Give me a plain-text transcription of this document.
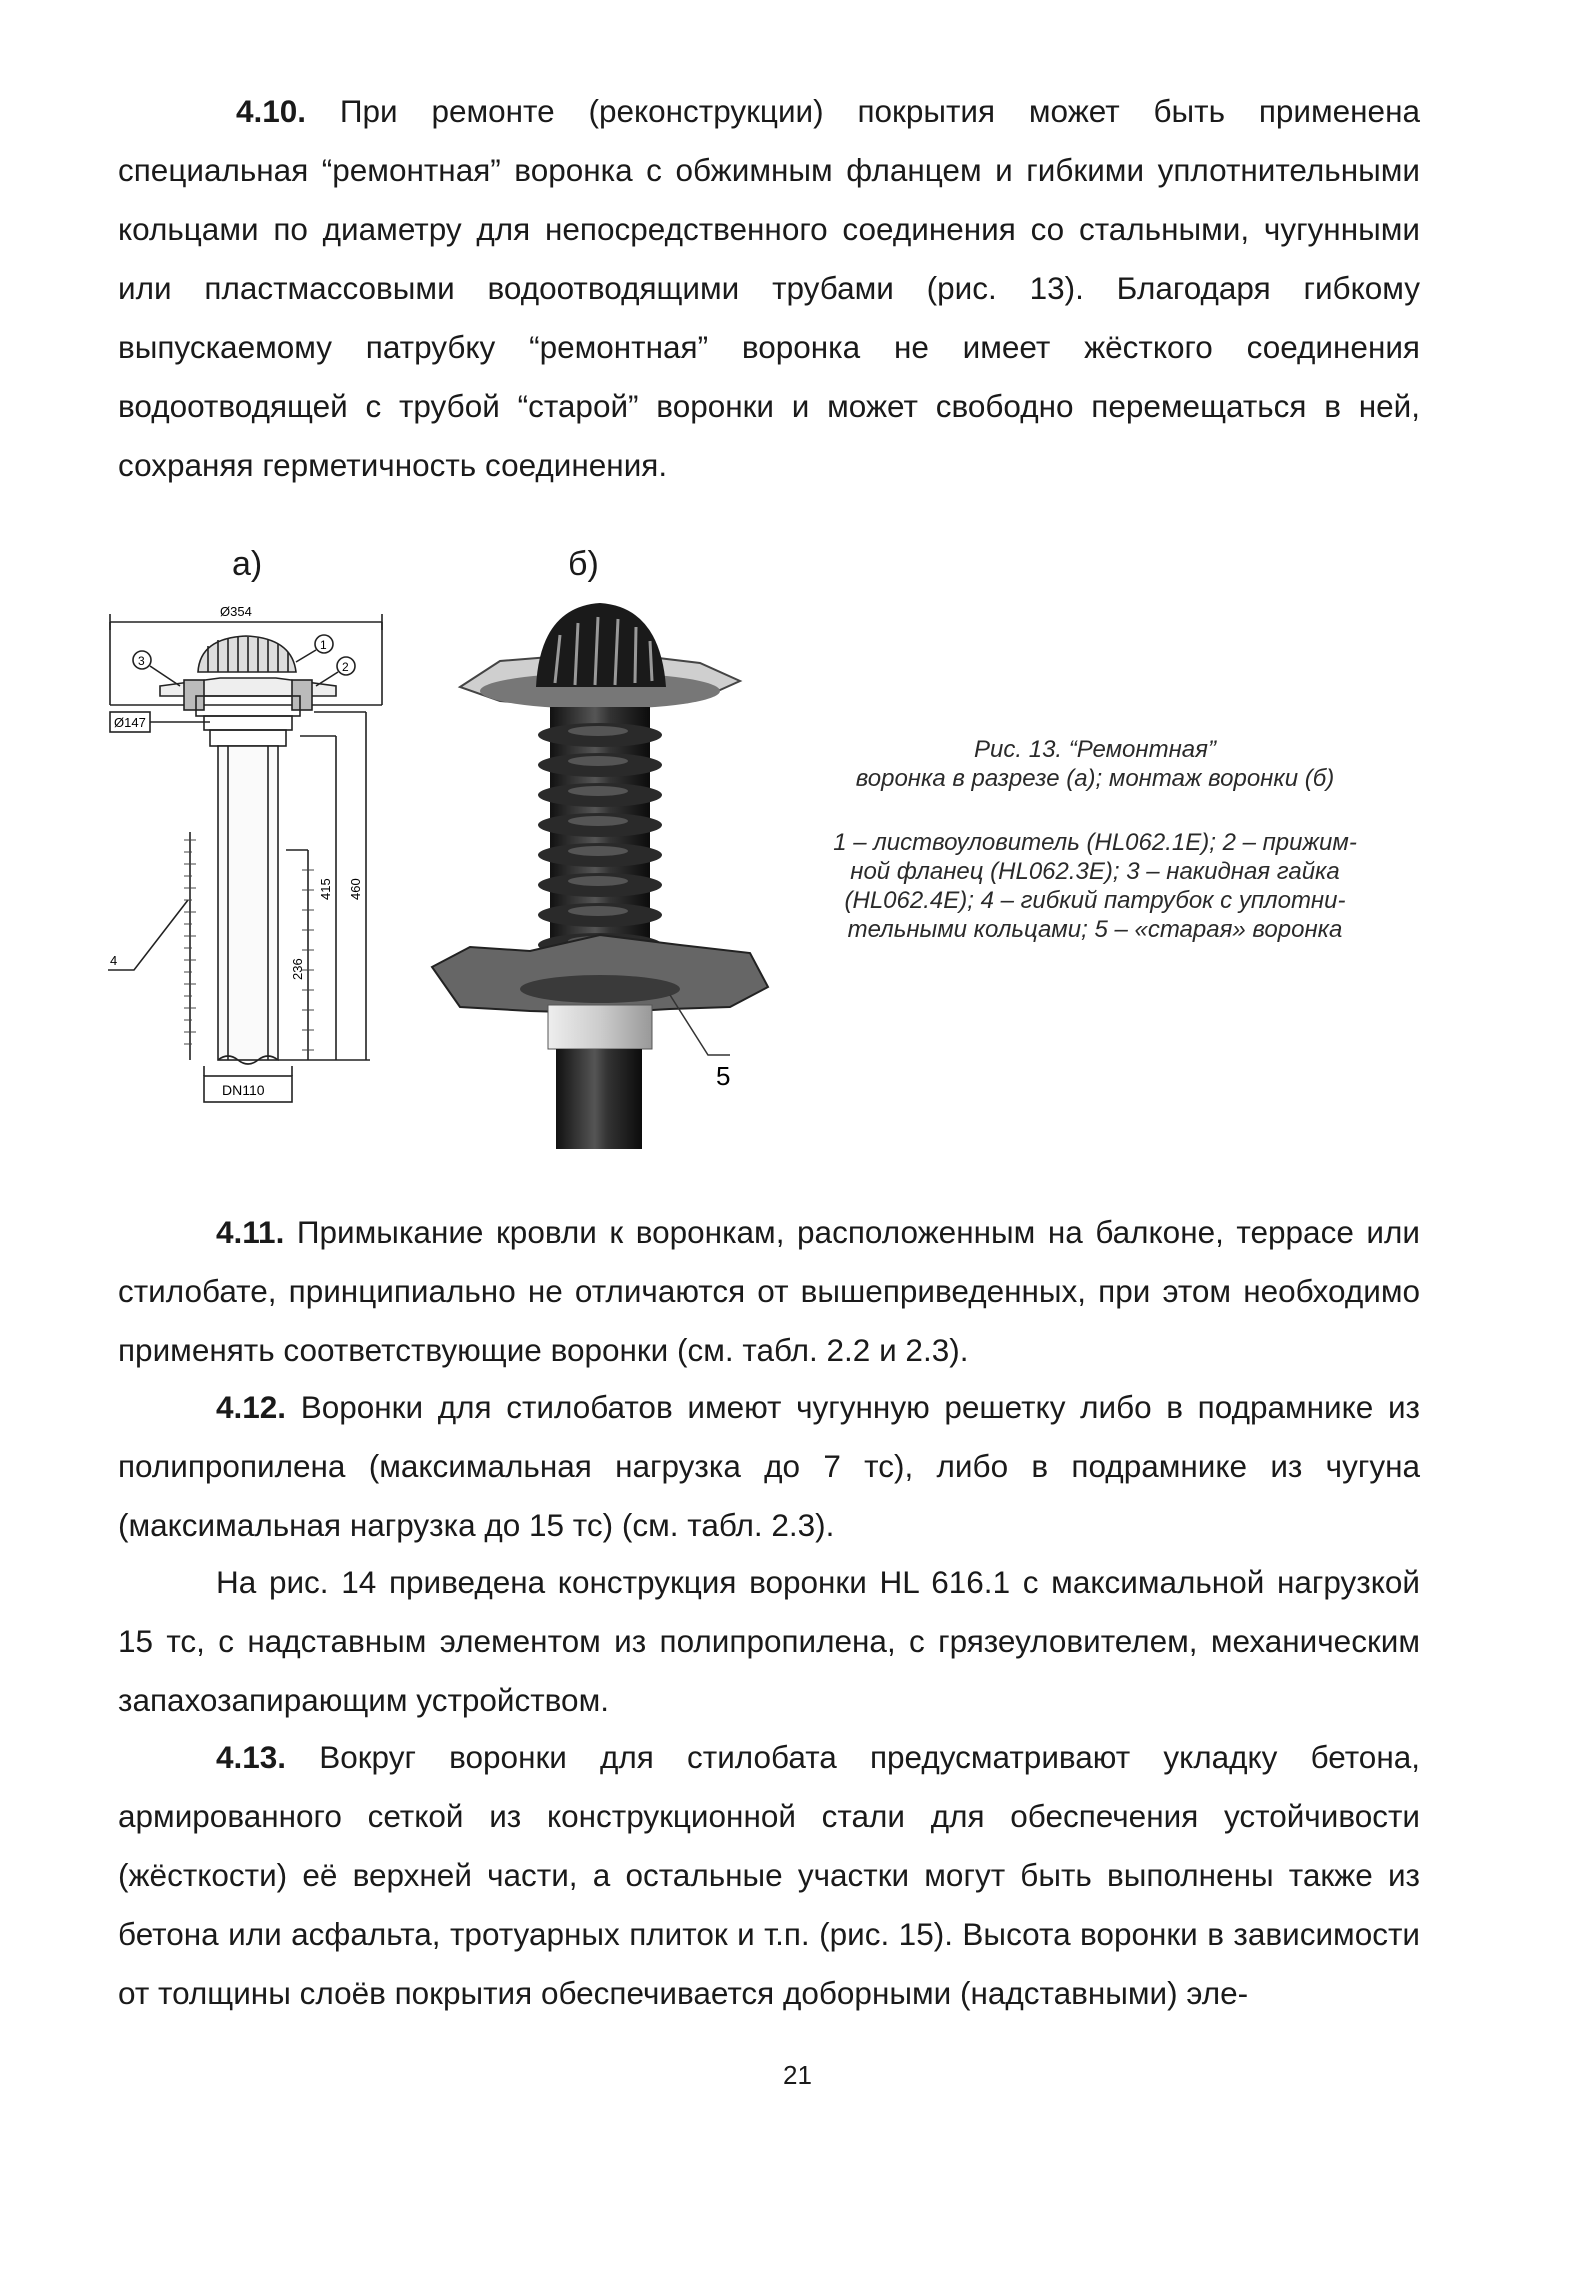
4.10. При ремонте (реконструкции) покрытия может быть применена специальная “ремонтная” воронка с обжимным фланцем и гибкими уплотнительными кольцами по диаметру для непосредственного соединения со стальными, чугунными или пластмассовыми водоотводящими трубами (рис. 13). Благодаря гибкому выпускаемому патрубку “ремонтная” воронка не имеет жёсткого соединения водоотводящей с трубой “старой” воронки и может свободно перемещаться в ней, сохраняя герметичность соединения.

а)	б)
Ø354
Ø147
415 460
236
DN110
1
2
3
4
5
Рис. 13. “Ремонтная”
воронка в разрезе (а); монтаж воронки (б)
1 – листвоуловитель (HL062.1E); 2 – прижим-
ной фланец (HL062.3E); 3 – накидная гайка
(HL062.4E); 4 – гибкий патрубок с уплотни-
тельными кольцами; 5 – «старая» воронка

4.11. Примыкание кровли к воронкам, расположенным на балконе, террасе или стилобате, принципиально не отличаются от вышеприведенных, при этом необходимо применять соответствующие воронки (см. табл. 2.2 и 2.3).

4.12. Воронки для стилобатов имеют чугунную решетку либо в подрамнике из полипропилена (максимальная нагрузка до 7 тс), либо в подрамнике из чугуна (максимальная нагрузка до 15 тс) (см. табл. 2.3).

На рис. 14 приведена конструкция воронки HL 616.1 с максимальной нагрузкой 15 тс, с надставным элементом из полипропилена, с грязеуловителем, механическим запахозапирающим устройством.

4.13. Вокруг воронки для стилобата предусматривают укладку бетона, армированного сеткой из конструкционной стали для обеспечения устойчивости (жёсткости) её верхней части, а остальные участки могут быть выполнены также из бетона или асфальта, тротуарных плиток и т.п. (рис. 15). Высота воронки в зависимости от толщины слоёв покрытия обеспечивается доборными (надставными) эле-

21
